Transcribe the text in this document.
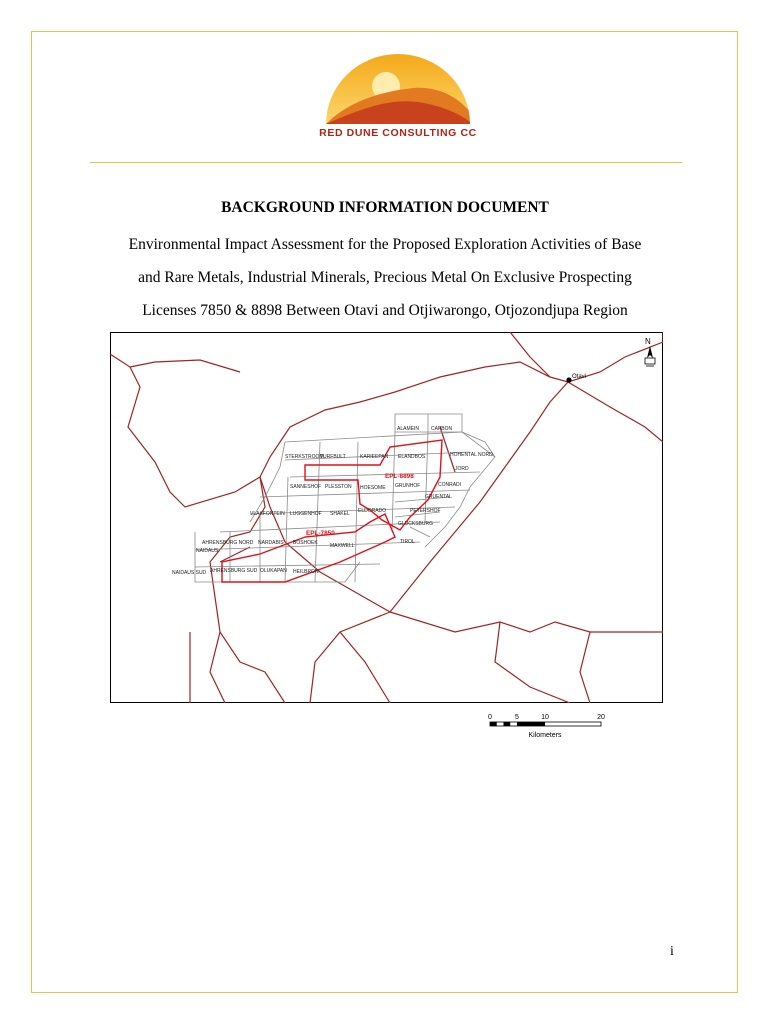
RED DUNE CONSULTING CC
BACKGROUND INFORMATION DOCUMENT
Environmental Impact Assessment for the Proposed Exploration Activities of Base
and Rare Metals, Industrial Minerals, Precious Metal On Exclusive Prospecting
Licenses 7850 & 8898 Between Otavi and Otjiwarongo, Otjozondjupa Region
Otavi
N
EPL-8898
EPL-7850
ALAMEIN CAPBON
STERKSTROOM
TURFBULT	KARIEEPAN ELANDBOS	HOHENTAL NORD
JORD
SANNESHOF PLESSTON HOESOME GRUNHOF	CONRADI
GRUENTAL
VLAKFONTEIN LUGGENHOF SHAKEL ELDORADO	PETERSHOF
GLUCKSBURG
AHRENSBURG NORD NARDABIS BOSHOEK MAXWELL
TIROL
NAIDAUS
NAIDAUS SUD AHRENSBURG SUD OLUKAPAN HEILBRON
0	5	10	20
Kilometers
i
